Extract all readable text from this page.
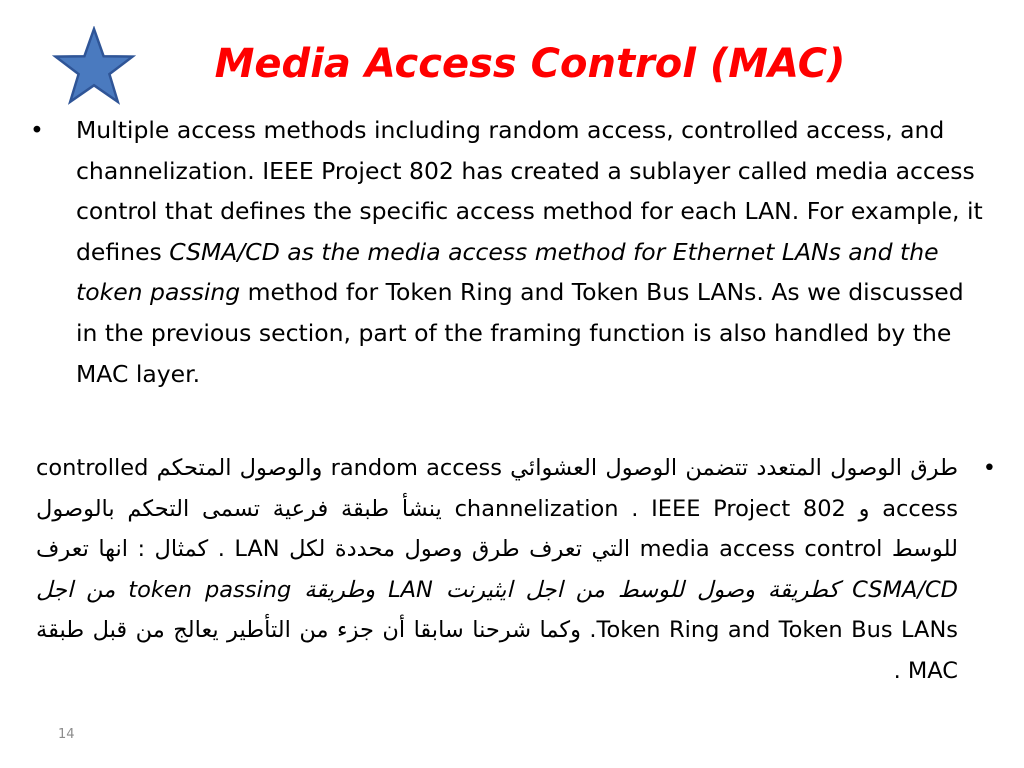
Media Access Control (MAC)

• Multiple access methods including random access, controlled access, and channelization. IEEE Project 802 has created a sublayer called media access control that defines the specific access method for each LAN. For example, it defines CSMA/CD as the media access method for Ethernet LANs and the token passing method for Token Ring and Token Bus LANs. As we discussed in the previous section, part of the framing function is also handled by the MAC layer.

•
طرق الوصول المتعدد تتضمن الوصول العشوائي random access والوصول المتحكم controlled access و channelization . IEEE Project 802 ينشأ طبقة فرعية تسمى التحكم بالوصول للوسط media access control التي تعرف طرق وصول محددة لكل LAN . كمثال : انها تعرف CSMA/CD كطريقة وصول للوسط من اجل ايثيرنت LAN وطريقة token passing من اجل Token Ring and Token Bus LANs. وكما شرحنا سابقا أن جزء من التأطير يعالج من قبل طبقة MAC .

14
